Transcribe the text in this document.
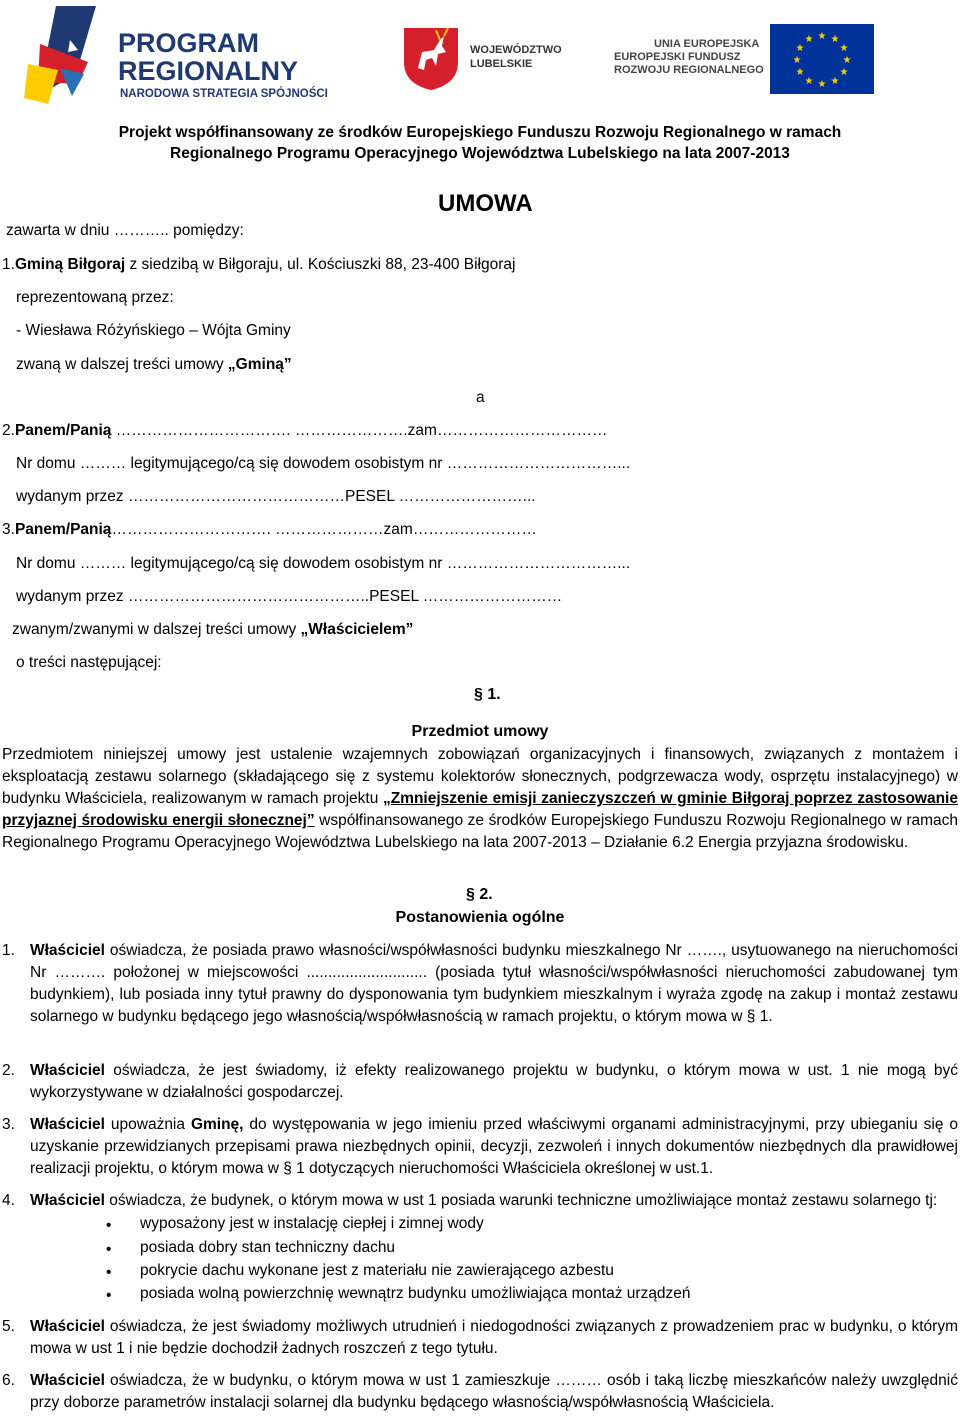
PROGRAM
REGIONALNY
NARODOWA STRATEGIA SPÓJNOŚCI
WOJEWÓDZTWO
LUBELSKIE
UNIA EUROPEJSKA
EUROPEJSKI FUNDUSZ
ROZWOJU REGIONALNEGO
★ ★
★
★
★
★
★
★
★
★
★
★
Projekt współfinansowany ze środków Europejskiego Funduszu Rozwoju Regionalnego w ramach
Regionalnego Programu Operacyjnego Województwa Lubelskiego na lata 2007-2013
UMOWA
zawarta w dniu ……….. pomiędzy:
1.Gminą Biłgoraj z siedzibą w Biłgoraju, ul. Kościuszki 88, 23-400 Biłgoraj
reprezentowaną przez:
- Wiesława Różyńskiego – Wójta Gminy
zwaną w dalszej treści umowy „Gminą”
a
2.Panem/Panią ……………………………. ………………….zam……………………………
Nr domu ……… legitymującego/cą się dowodem osobistym nr ……………………………...
wydanym przez ……………………………………PESEL ……………………...
3.Panem/Panią…………………………. …………………zam……………………
Nr domu ……… legitymującego/cą się dowodem osobistym nr ……………………………...
wydanym przez ………………………………………..PESEL ………………………
zwanym/zwanymi w dalszej treści umowy „Właścicielem”
o treści następującej:
§ 1.
Przedmiot umowy
Przedmiotem niniejszej umowy jest ustalenie wzajemnych zobowiązań organizacyjnych i finansowych, związanych z montażem i eksploatacją zestawu solarnego (składającego się z systemu kolektorów słonecznych, podgrzewacza wody, osprzętu instalacyjnego) w budynku Właściciela, realizowanym w ramach projektu „Zmniejszenie emisji zanieczyszczeń w gminie Biłgoraj poprzez zastosowanie przyjaznej środowisku energii słonecznej” współfinansowanego ze środków Europejskiego Funduszu Rozwoju Regionalnego w ramach Regionalnego Programu Operacyjnego Województwa Lubelskiego na lata 2007-2013 – Działanie 6.2 Energia przyjazna środowisku.
§ 2.
Postanowienia ogólne
1. Właściciel oświadcza, że posiada prawo własności/współwłasności budynku mieszkalnego Nr ……., usytuowanego na nieruchomości Nr ………. położonej w miejscowości ............................ (posiada tytuł własności/współwłasności nieruchomości zabudowanej tym budynkiem), lub posiada inny tytuł prawny do dysponowania tym budynkiem mieszkalnym i wyraża zgodę na zakup i montaż zestawu solarnego w budynku będącego jego własnością/współwłasnością w ramach projektu, o którym mowa w § 1.
2. Właściciel oświadcza, że jest świadomy, iż efekty realizowanego projektu w budynku, o którym mowa w ust. 1 nie mogą być wykorzystywane w działalności gospodarczej.
3. Właściciel upoważnia Gminę, do występowania w jego imieniu przed właściwymi organami administracyjnymi, przy ubieganiu się o uzyskanie przewidzianych przepisami prawa niezbędnych opinii, decyzji, zezwoleń i innych dokumentów niezbędnych dla prawidłowej realizacji projektu, o którym mowa w § 1 dotyczących nieruchomości Właściciela określonej w ust.1.
4. Właściciel oświadcza, że budynek, o którym mowa w ust 1 posiada warunki techniczne umożliwiające montaż zestawu solarnego tj:
• wyposażony jest w instalację ciepłej i zimnej wody
• posiada dobry stan techniczny dachu
• pokrycie dachu wykonane jest z materiału nie zawierającego azbestu
• posiada wolną powierzchnię wewnątrz budynku umożliwiająca montaż urządzeń
5. Właściciel oświadcza, że jest świadomy możliwych utrudnień i niedogodności związanych z prowadzeniem prac w budynku, o którym mowa w ust 1 i nie będzie dochodził żadnych roszczeń z tego tytułu.
6. Właściciel oświadcza, że w budynku, o którym mowa w ust 1 zamieszkuje ……… osób i taką liczbę mieszkańców należy uwzględnić przy doborze parametrów instalacji solarnej dla budynku będącego własnością/współwłasnością Właściciela.
